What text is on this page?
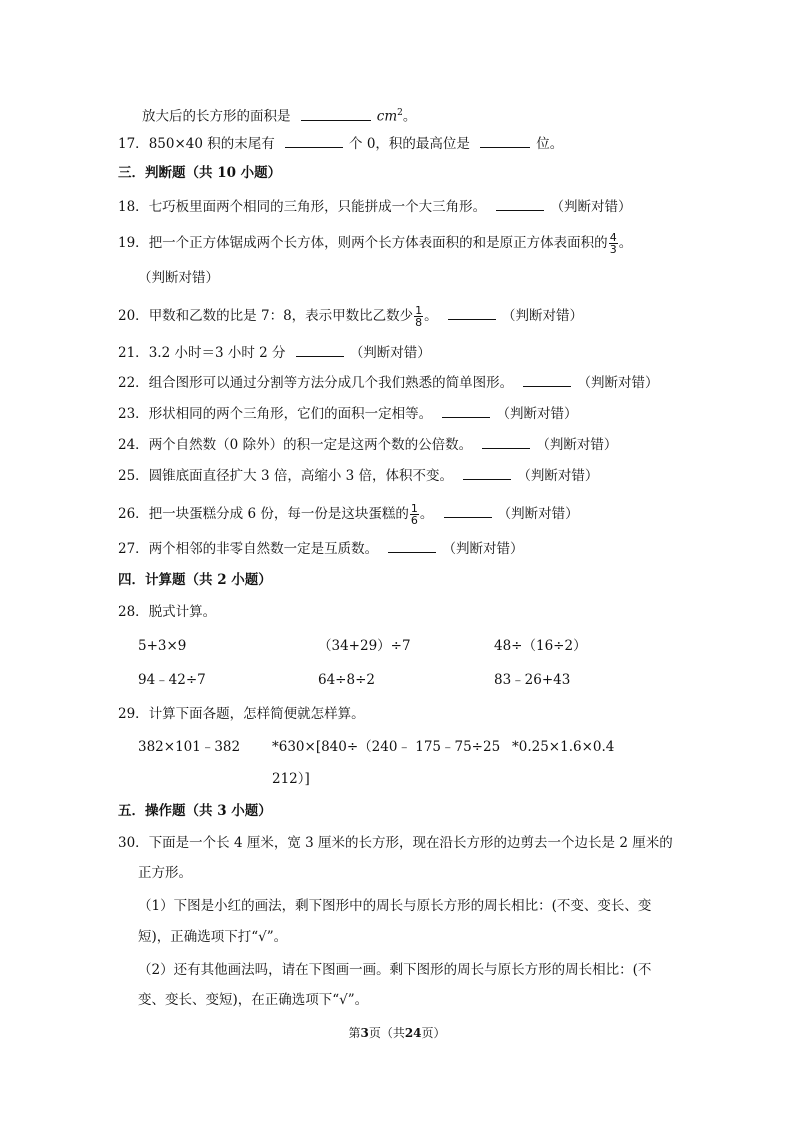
放大后的长方形的面积是	$cm^2$。
17．850×40 积的末尾有	个 0，积的最高位是	位。
三．判断题（共 10 小题）
18．七巧板里面两个相同的三角形，只能拼成一个大三角形。	（判断对错）
19．把一个正方体锯成两个长方体，则两个长方体表面积的和是原正方体表面积的 $\frac{4}{3}$ 。
（判断对错）
20．甲数和乙数的比是 7：8，表示甲数比乙数少 $\frac{1}{8}$ 。	（判断对错）
21．3.2 小时＝3 小时 2 分	（判断对错）
22．组合图形可以通过分割等方法分成几个我们熟悉的简单图形。	（判断对错）
23．形状相同的两个三角形，它们的面积一定相等。	（判断对错）
24．两个自然数（0 除外）的积一定是这两个数的公倍数。	（判断对错）
25．圆锥底面直径扩大 3 倍，高缩小 3 倍，体积不变。	（判断对错）
26．把一块蛋糕分成 6 份，每一份是这块蛋糕的 $\frac{1}{6}$ 。	（判断对错）
27．两个相邻的非零自然数一定是互质数。	（判断对错）
四．计算题（共 2 小题）
28．脱式计算。
5+3×9	（34+29）÷7	48÷（16÷2）
94﹣42÷7	64÷8÷2	83﹣26+43
29．计算下面各题，怎样简便就怎样算。
382×101﹣382 *630×[840÷（240﹣ 175﹣75÷25 *0.25×1.6×0.4
212）]
五．操作题（共 3 小题）
30．下面是一个长 4 厘米，宽 3 厘米的长方形，现在沿长方形的边剪去一个边长是 2 厘米的
正方形。
（1）下图是小红的画法，剩下图形中的周长与原长方形的周长相比：(不变、变长、变
短)，正确选项下打“√”。
（2）还有其他画法吗，请在下图画一画。剩下图形的周长与原长方形的周长相比：(不
变、变长、变短)，在正确选项下“√”。
第3页（共24页）
